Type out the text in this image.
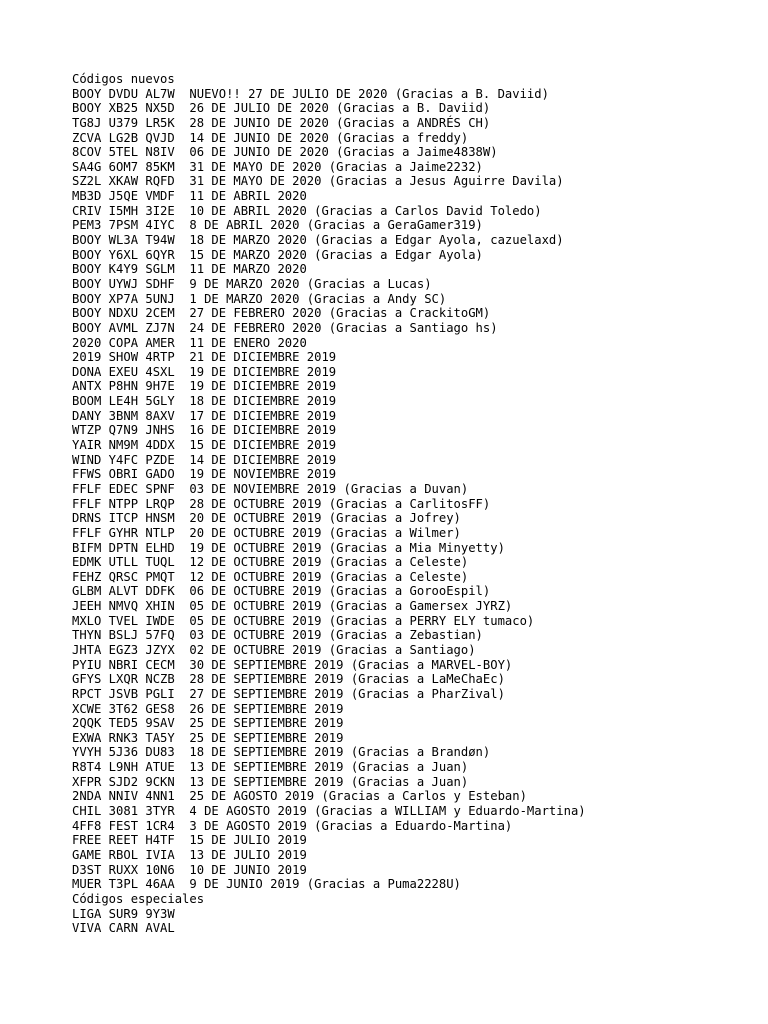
Códigos nuevos
BOOY DVDU AL7W  NUEVO!! 27 DE JULIO DE 2020 (Gracias a B. Daviid)
BOOY XB25 NX5D  26 DE JULIO DE 2020 (Gracias a B. Daviid)
TG8J U379 LR5K  28 DE JUNIO DE 2020 (Gracias a ANDRÉS CH)
ZCVA LG2B QVJD  14 DE JUNIO DE 2020 (Gracias a freddy)
8COV 5TEL N8IV  06 DE JUNIO DE 2020 (Gracias a Jaime4838W)
SA4G 6OM7 85KM  31 DE MAYO DE 2020 (Gracias a Jaime2232)
SZ2L XKAW RQFD  31 DE MAYO DE 2020 (Gracias a Jesus Aguirre Davila)
MB3D J5QE VMDF  11 DE ABRIL 2020
CRIV I5MH 3I2E  10 DE ABRIL 2020 (Gracias a Carlos David Toledo)
PEM3 7PSM 4IYC  8 DE ABRIL 2020 (Gracias a GeraGamer319)
BOOY WL3A T94W  18 DE MARZO 2020 (Gracias a Edgar Ayola, cazuelaxd)
BOOY Y6XL 6QYR  15 DE MARZO 2020 (Gracias a Edgar Ayola)
BOOY K4Y9 SGLM  11 DE MARZO 2020
BOOY UYWJ SDHF  9 DE MARZO 2020 (Gracias a Lucas)
BOOY XP7A 5UNJ  1 DE MARZO 2020 (Gracias a Andy SC)
BOOY NDXU 2CEM  27 DE FEBRERO 2020 (Gracias a CrackitoGM)
BOOY AVML ZJ7N  24 DE FEBRERO 2020 (Gracias a Santiago hs)
2020 COPA AMER  11 DE ENERO 2020
2019 SHOW 4RTP  21 DE DICIEMBRE 2019
DONA EXEU 4SXL  19 DE DICIEMBRE 2019
ANTX P8HN 9H7E  19 DE DICIEMBRE 2019
BOOM LE4H 5GLY  18 DE DICIEMBRE 2019
DANY 3BNM 8AXV  17 DE DICIEMBRE 2019
WTZP Q7N9 JNHS  16 DE DICIEMBRE 2019
YAIR NM9M 4DDX  15 DE DICIEMBRE 2019
WIND Y4FC PZDE  14 DE DICIEMBRE 2019
FFWS OBRI GADO  19 DE NOVIEMBRE 2019
FFLF EDEC SPNF  03 DE NOVIEMBRE 2019 (Gracias a Duvan)
FFLF NTPP LRQP  28 DE OCTUBRE 2019 (Gracias a CarlitosFF)
DRNS ITCP HNSM  20 DE OCTUBRE 2019 (Gracias a Jofrey)
FFLF GYHR NTLP  20 DE OCTUBRE 2019 (Gracias a Wilmer)
BIFM DPTN ELHD  19 DE OCTUBRE 2019 (Gracias a Mia Minyetty)
EDMK UTLL TUQL  12 DE OCTUBRE 2019 (Gracias a Celeste)
FEHZ QRSC PMQT  12 DE OCTUBRE 2019 (Gracias a Celeste)
GLBM ALVT DDFK  06 DE OCTUBRE 2019 (Gracias a GorooEspil)
JEEH NMVQ XHIN  05 DE OCTUBRE 2019 (Gracias a Gamersex JYRZ)
MXLO TVEL IWDE  05 DE OCTUBRE 2019 (Gracias a PERRY ELY tumaco)
THYN BSLJ 57FQ  03 DE OCTUBRE 2019 (Gracias a Zebastian)
JHTA EGZ3 JZYX  02 DE OCTUBRE 2019 (Gracias a Santiago)
PYIU NBRI CECM  30 DE SEPTIEMBRE 2019 (Gracias a MARVEL-BOY)
GFYS LXQR NCZB  28 DE SEPTIEMBRE 2019 (Gracias a LaMeChaEc)
RPCT JSVB PGLI  27 DE SEPTIEMBRE 2019 (Gracias a PharZival)
XCWE 3T62 GES8  26 DE SEPTIEMBRE 2019
2QQK TED5 9SAV  25 DE SEPTIEMBRE 2019
EXWA RNK3 TA5Y  25 DE SEPTIEMBRE 2019
YVYH 5J36 DU83  18 DE SEPTIEMBRE 2019 (Gracias a Brandøn)
R8T4 L9NH ATUE  13 DE SEPTIEMBRE 2019 (Gracias a Juan)
XFPR SJD2 9CKN  13 DE SEPTIEMBRE 2019 (Gracias a Juan)
2NDA NNIV 4NN1  25 DE AGOSTO 2019 (Gracias a Carlos y Esteban)
CHIL 3081 3TYR  4 DE AGOSTO 2019 (Gracias a WILLIAM y Eduardo-Martina)
4FF8 FEST 1CR4  3 DE AGOSTO 2019 (Gracias a Eduardo-Martina)
FREE REET H4TF  15 DE JULIO 2019
GAME RBOL IVIA  13 DE JULIO 2019
D3ST RUXX 10N6  10 DE JUNIO 2019
MUER T3PL 46AA  9 DE JUNIO 2019 (Gracias a Puma2228U)
Códigos especiales
LIGA SUR9 9Y3W
VIVA CARN AVAL
